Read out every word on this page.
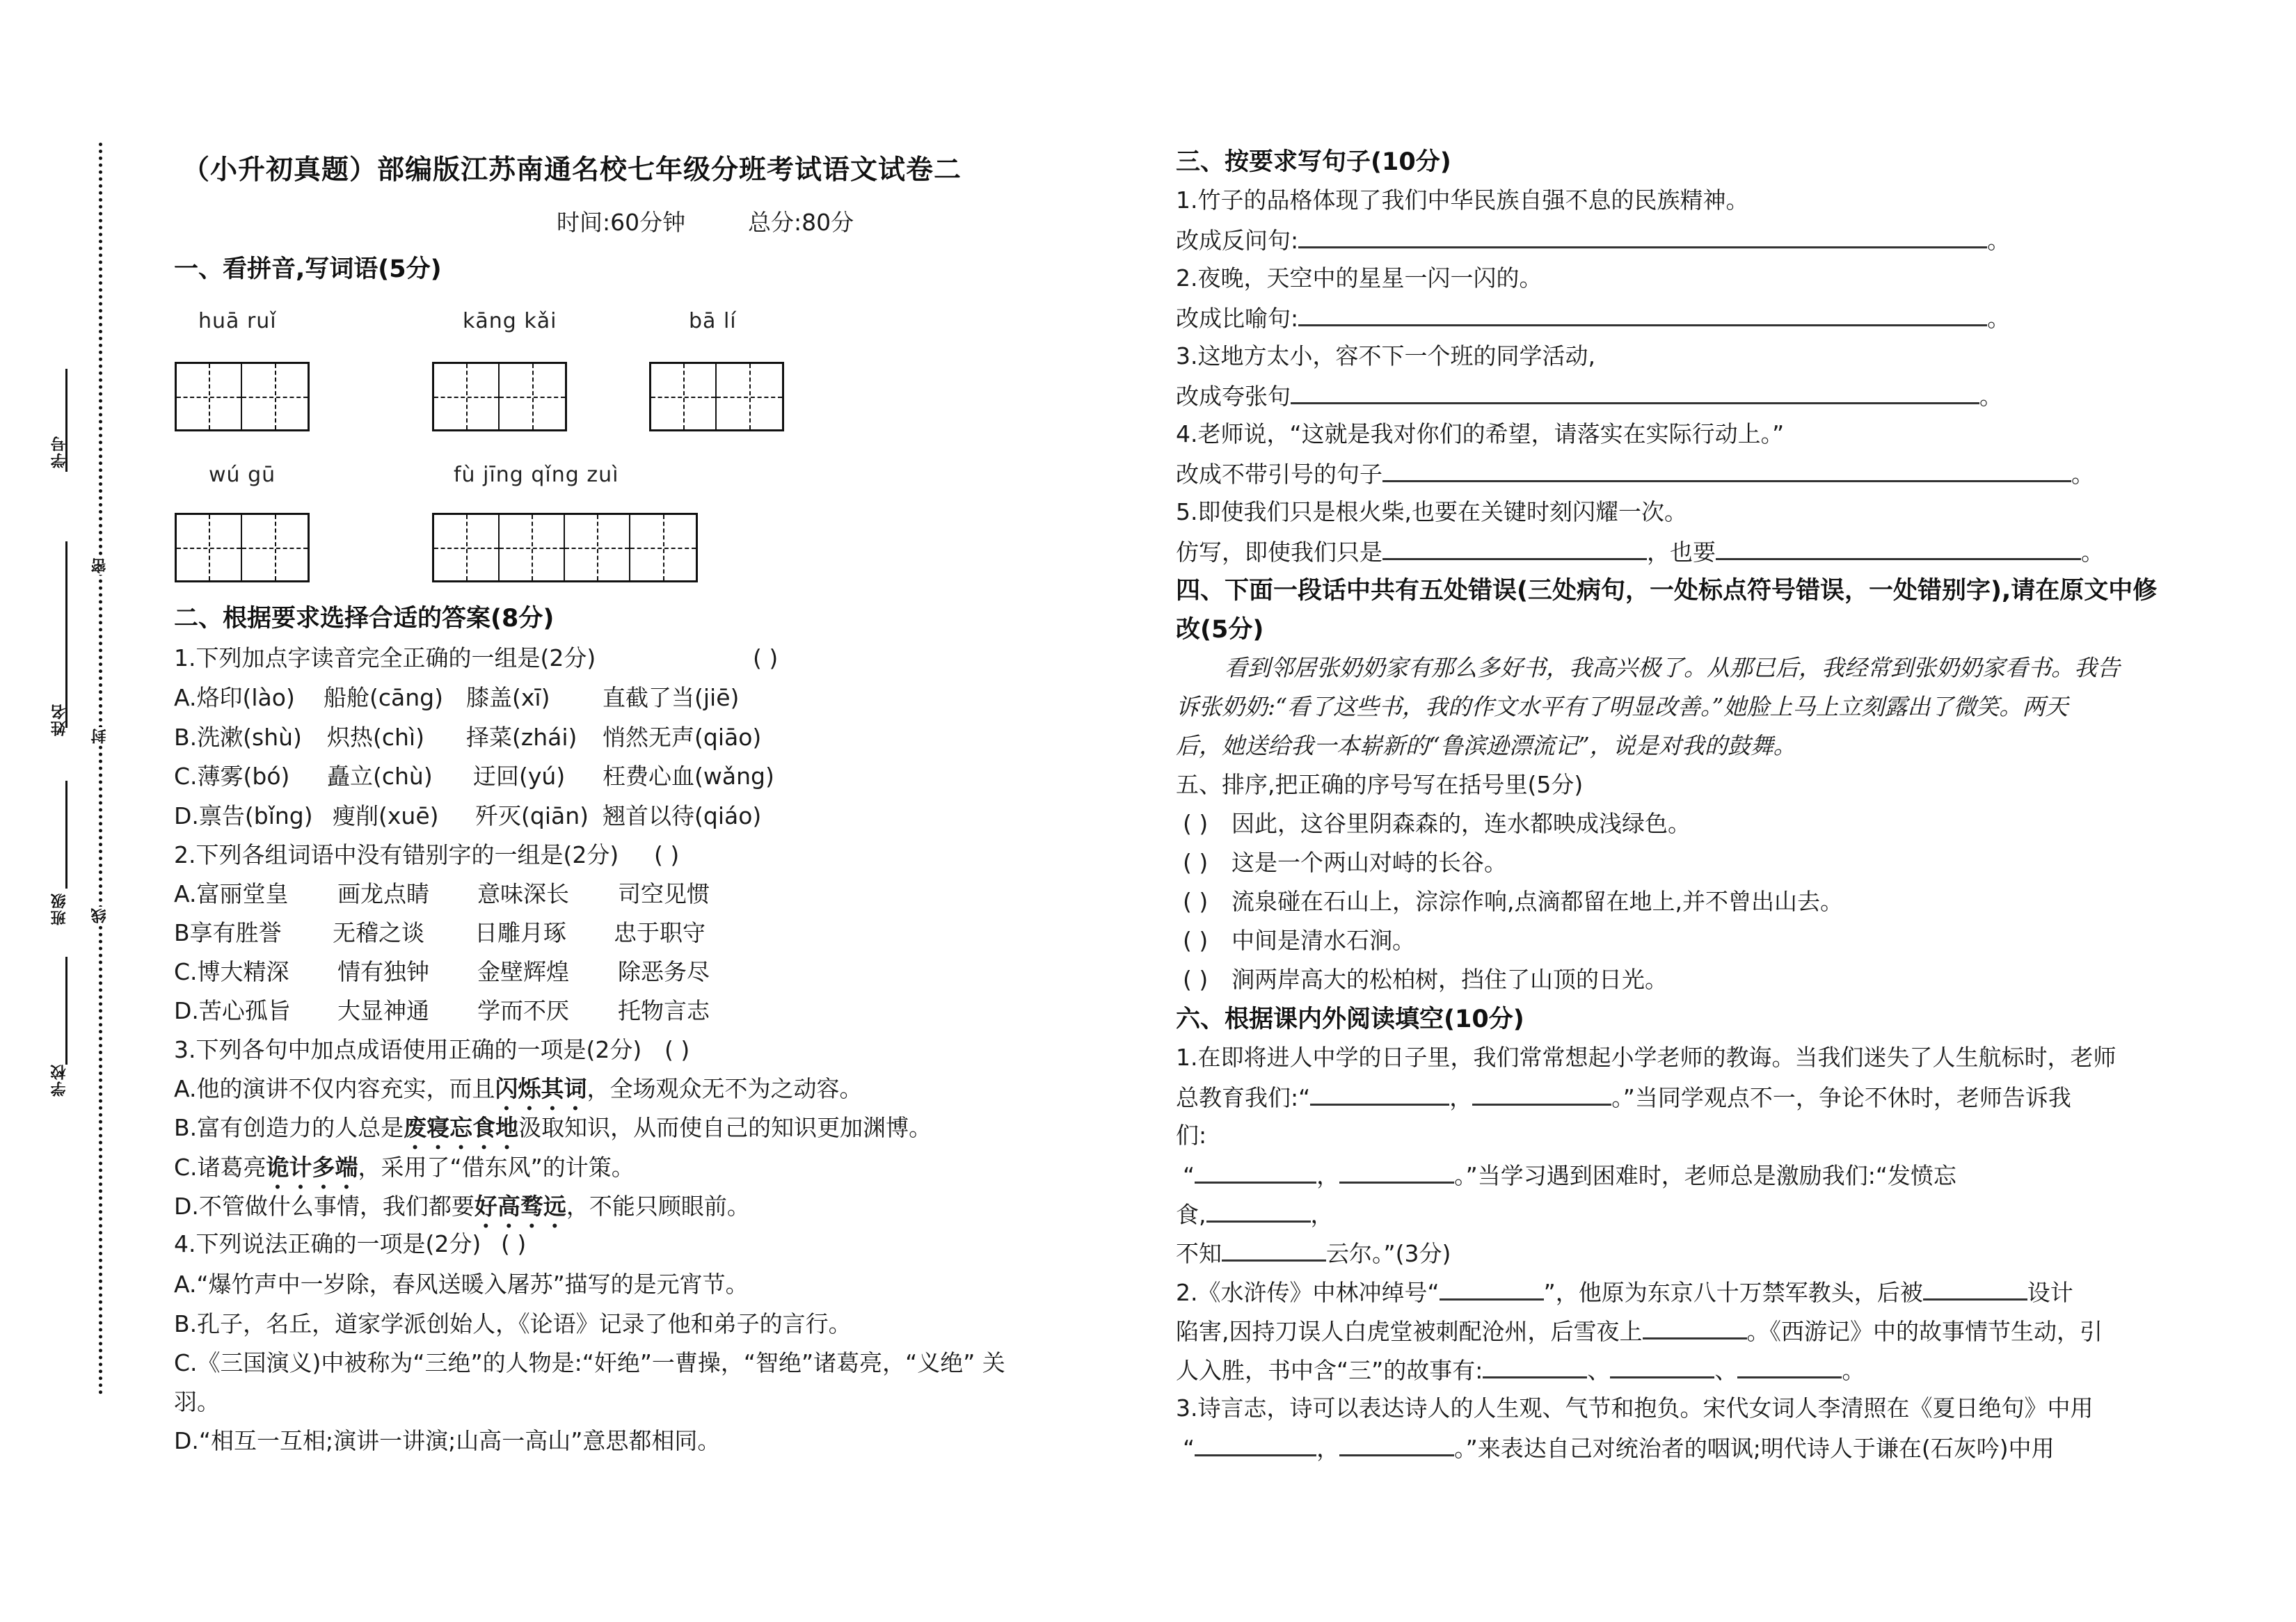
密
封
线
学号
姓名
班级
学校
（小升初真题）部编版江苏南通名校七年级分班考试语文试卷二
时间:60分钟	总分:80分
一、看拼音,写词语(5分)
huā ruǐ	kāng kǎi	bā lí
wú gū	fù jīng qǐng zuì
二、根据要求选择合适的答案(8分)
1.下列加点字读音完全正确的一组是(2分)	( )
A.烙印(lào) 船舱(cāng) 膝盖(xī) 直截了当(jiē)
B.洗漱(shù) 炽热(chì) 择菜(zhái) 悄然无声(qiāo)
C.薄雾(bó) 矗立(chù) 迂回(yú) 枉费心血(wǎng)
D.禀告(bǐng) 瘦削(xuē) 歼灭(qiān) 翘首以待(qiáo)
2.下列各组词语中没有错别字的一组是(2分) ( )
A.富丽堂皇 画龙点睛 意味深长 司空见惯
B享有胜誉 无稽之谈 日雕月琢 忠于职守
C.博大精深 情有独钟 金壁辉煌 除恶务尽
D.苦心孤旨 大显神通 学而不厌 托物言志
3.下列各句中加点成语使用正确的一项是(2分) ( )
A.他的演讲不仅内容充实，而且闪烁其词，全场观众无不为之动容。
B.富有创造力的人总是废寝忘食地汲取知识，从而使自己的知识更加渊博。
C.诸葛亮诡计多端，采用了“借东风”的计策。
D.不管做什么事情，我们都要好高骛远，不能只顾眼前。
4.下列说法正确的一项是(2分) ( )
A.“爆竹声中一岁除，春风送暖入屠苏”描写的是元宵节。
B.孔子，名丘，道家学派创始人，《论语》记录了他和弟子的言行。
C.《三国演义)中被称为“三绝”的人物是:“奸绝”一曹操，“智绝”诸葛亮，“义绝” 关
羽。
D.“相互一互相;演讲一讲演;山高一高山”意思都相同。
三、按要求写句子(10分)
1.竹子的品格体现了我们中华民族自强不息的民族精神。
改成反问句:	。
2.夜晚，天空中的星星一闪一闪的。
改成比喻句:	。
3.这地方太小，容不下一个班的同学活动,
改成夸张句	。
4.老师说，“这就是我对你们的希望，请落实在实际行动上。”
改成不带引号的句子	。
5.即使我们只是根火柴,也要在关键时刻闪耀一次。
仿写，即使我们只是	，也要	。
四、下面一段话中共有五处错误(三处病句，一处标点符号错误，一处错别字),请在原文中修
改(5分)
看到邻居张奶奶家有那么多好书，我高兴极了。从那已后，我经常到张奶奶家看书。我告
诉张奶奶:“看了这些书，我的作文水平有了明显改善。”她脸上马上立刻露出了微笑。两天
后，她送给我一本崭新的“鲁滨逊漂流记”，说是对我的鼓舞。
五、排序,把正确的序号写在括号里(5分)
( ) 因此，这谷里阴森森的，连水都映成浅绿色。
( ) 这是一个两山对峙的长谷。
( ) 流泉碰在石山上，淙淙作响,点滴都留在地上,并不曾出山去。
( ) 中间是清水石涧。
( ) 涧两岸高大的松柏树，挡住了山顶的日光。
六、根据课内外阅读填空(10分)
1.在即将进人中学的日子里，我们常常想起小学老师的教诲。当我们迷失了人生航标时，老师
总教育我们:“	，	。”当同学观点不一，争论不休时，老师告诉我
们:
“	，	。”当学习遇到困难时，老师总是激励我们:“发愤忘
食,	，
不知	云尔。”(3分)
2.《水浒传》中林冲绰号“	”，他原为东京八十万禁军教头，后被	设计
陷害,因持刀误人白虎堂被刺配沧州，后雪夜上	。《西游记》中的故事情节生动，引
人入胜，书中含“三”的故事有:	、	、	。
3.诗言志，诗可以表达诗人的人生观、气节和抱负。宋代女词人李清照在《夏日绝句》中用
“	，	。”来表达自己对统治者的咽讽;明代诗人于谦在(石灰吟)中用
